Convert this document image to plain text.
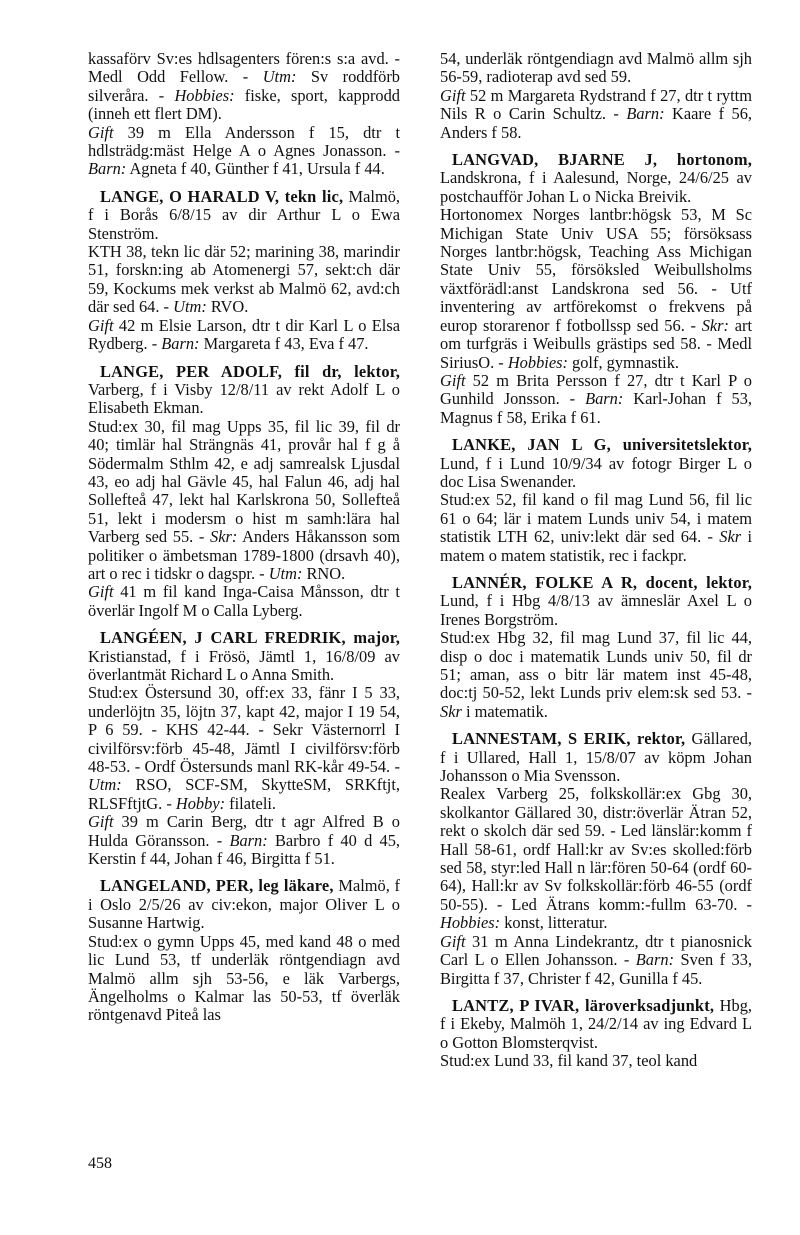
kassaförv Sv:es hdlsagenters fören:s s:a avd. - Medl Odd Fellow. - Utm: Sv roddförb silveråra. - Hobbies: fiske, sport, kapprodd (inneh ett flert DM).

Gift 39 m Ella Andersson f 15, dtr t hdlsträdg:mäst Helge A o Agnes Jonasson. - Barn: Agneta f 40, Günther f 41, Ursula f 44.

LANGE, O HARALD V, tekn lic, Malmö, f i Borås 6/8/15 av dir Arthur L o Ewa Stenström.

KTH 38, tekn lic där 52; marining 38, marindir 51, forskn:ing ab Atomenergi 57, sekt:ch där 59, Kockums mek verkst ab Malmö 62, avd:ch där sed 64. - Utm: RVO.

Gift 42 m Elsie Larson, dtr t dir Karl L o Elsa Rydberg. - Barn: Margareta f 43, Eva f 47.

LANGE, PER ADOLF, fil dr, lektor, Varberg, f i Visby 12/8/11 av rekt Adolf L o Elisabeth Ekman.

Stud:ex 30, fil mag Upps 35, fil lic 39, fil dr 40; timlär hal Strängnäs 41, provår hal f g å Södermalm Sthlm 42, e adj samrealsk Ljusdal 43, eo adj hal Gävle 45, hal Falun 46, adj hal Sollefteå 47, lekt hal Karlskrona 50, Sollefteå 51, lekt i modersm o hist m samh:lära hal Varberg sed 55. - Skr: Anders Håkansson som politiker o ämbetsman 1789-1800 (drsavh 40), art o rec i tidskr o dagspr. - Utm: RNO.

Gift 41 m fil kand Inga-Caisa Månsson, dtr t överlär Ingolf M o Calla Lyberg.

LANGÉEN, J CARL FREDRIK, major, Kristianstad, f i Frösö, Jämtl 1, 16/8/09 av överlantmät Richard L o Anna Smith.

Stud:ex Östersund 30, off:ex 33, fänr I 5 33, underlöjtn 35, löjtn 37, kapt 42, major I 19 54, P 6 59. - KHS 42-44. - Sekr Västernorrl I civilförsv:förb 45-48, Jämtl I civilförsv:förb 48-53. - Ordf Östersunds manl RK-kår 49-54. - Utm: RSO, SCF-SM, SkytteSM, SRKftjt, RLSFftjtG. - Hobby: filateli.

Gift 39 m Carin Berg, dtr t agr Alfred B o Hulda Göransson. - Barn: Barbro f 40 d 45, Kerstin f 44, Johan f 46, Birgitta f 51.

LANGELAND, PER, leg läkare, Malmö, f i Oslo 2/5/26 av civ:ekon, major Oliver L o Susanne Hartwig.

Stud:ex o gymn Upps 45, med kand 48 o med lic Lund 53, tf underläk röntgendiagn avd Malmö allm sjh 53-56, e läk Varbergs, Ängelholms o Kalmar las 50-53, tf överläk röntgenavd Piteå las

54, underläk röntgendiagn avd Malmö allm sjh 56-59, radioterap avd sed 59.

Gift 52 m Margareta Rydstrand f 27, dtr t ryttm Nils R o Carin Schultz. - Barn: Kaare f 56, Anders f 58.

LANGVAD, BJARNE J, hortonom, Landskrona, f i Aalesund, Norge, 24/6/25 av postchaufför Johan L o Nicka Breivik.

Hortonomex Norges lantbr:högsk 53, M Sc Michigan State Univ USA 55; försöksass Norges lantbr:högsk, Teaching Ass Michigan State Univ 55, försöksled Weibullsholms växtförädl:anst Landskrona sed 56. - Utf inventering av artförekomst o frekvens på europ storarenor f fotbollssp sed 56. - Skr: art om turfgräs i Weibulls grästips sed 58. - Medl SiriusO. - Hobbies: golf, gymnastik.

Gift 52 m Brita Persson f 27, dtr t Karl P o Gunhild Jonsson. - Barn: Karl-Johan f 53, Magnus f 58, Erika f 61.

LANKE, JAN L G, universitetslektor, Lund, f i Lund 10/9/34 av fotogr Birger L o doc Lisa Swenander.

Stud:ex 52, fil kand o fil mag Lund 56, fil lic 61 o 64; lär i matem Lunds univ 54, i matem statistik LTH 62, univ:lekt där sed 64. - Skr i matem o matem statistik, rec i fackpr.

LANNÉR, FOLKE A R, docent, lektor, Lund, f i Hbg 4/8/13 av ämneslär Axel L o Irenes Borgström.

Stud:ex Hbg 32, fil mag Lund 37, fil lic 44, disp o doc i matematik Lunds univ 50, fil dr 51; aman, ass o bitr lär matem inst 45-48, doc:tj 50-52, lekt Lunds priv elem:sk sed 53. - Skr i matematik.

LANNESTAM, S ERIK, rektor, Gällared, f i Ullared, Hall 1, 15/8/07 av köpm Johan Johansson o Mia Svensson.

Realex Varberg 25, folkskollär:ex Gbg 30, skolkantor Gällared 30, distr:överlär Ätran 52, rekt o skolch där sed 59. - Led länslär:komm f Hall 58-61, ordf Hall:kr av Sv:es skolled:förb sed 58, styr:led Hall n lär:fören 50-64 (ordf 60-64), Hall:kr av Sv folkskollär:förb 46-55 (ordf 50-55). - Led Ätrans komm:-fullm 63-70. - Hobbies: konst, litteratur.

Gift 31 m Anna Lindekrantz, dtr t pianosnick Carl L o Ellen Johansson. - Barn: Sven f 33, Birgitta f 37, Christer f 42, Gunilla f 45.

LANTZ, P IVAR, läroverksadjunkt, Hbg, f i Ekeby, Malmöh 1, 24/2/14 av ing Edvard L o Gotton Blomsterqvist.

Stud:ex Lund 33, fil kand 37, teol kand

458
